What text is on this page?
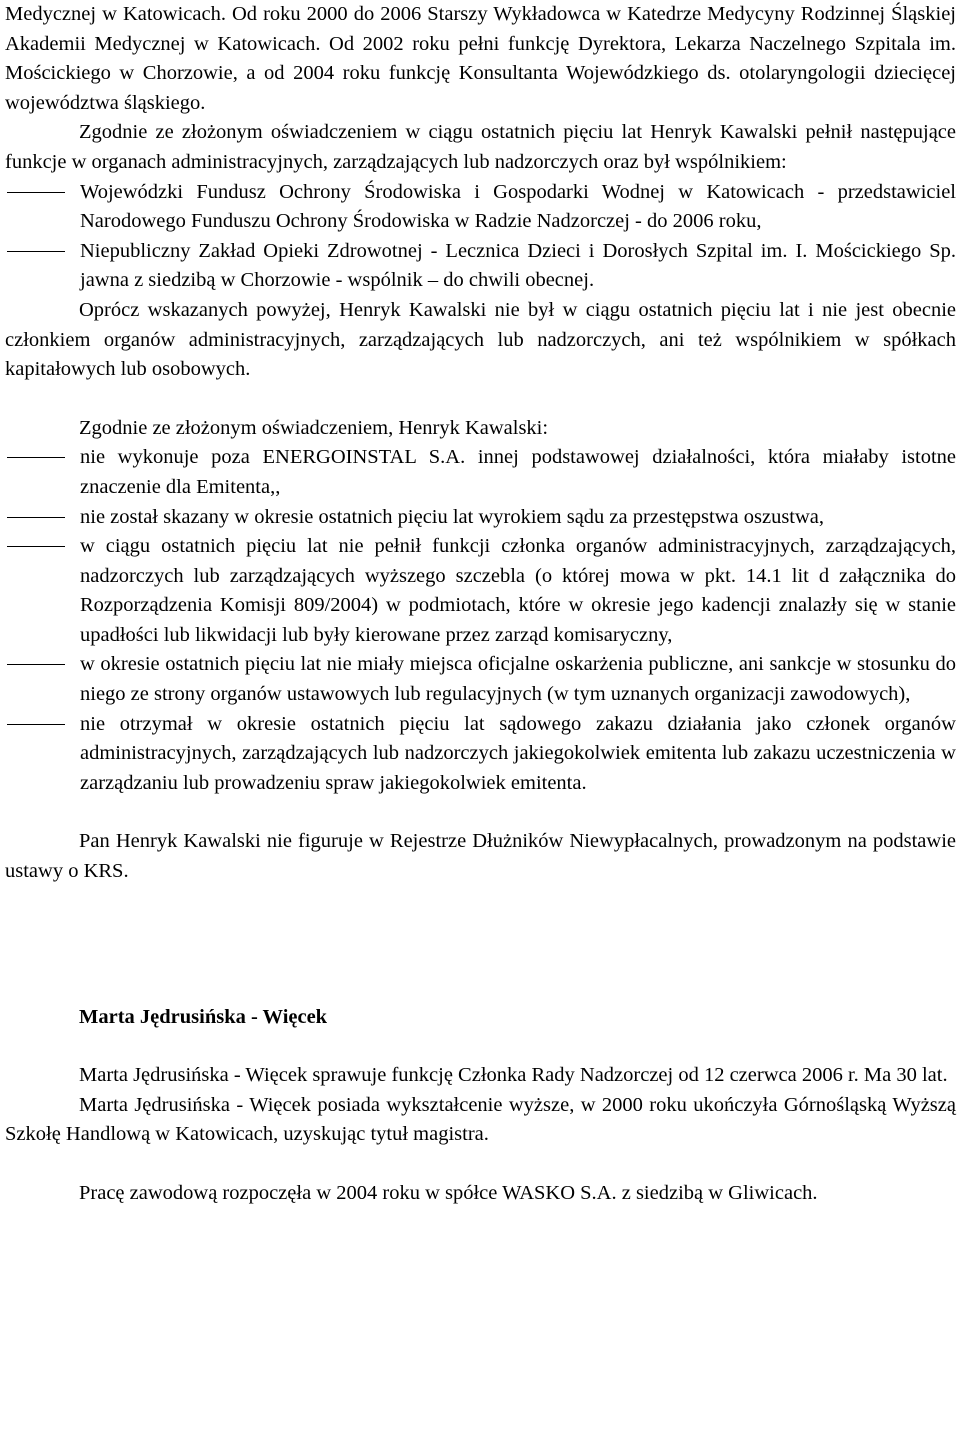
Medycznej w Katowicach. Od roku 2000 do 2006 Starszy Wykładowca w Katedrze Medycyny Rodzinnej Śląskiej Akademii Medycznej w Katowicach. Od 2002 roku pełni funkcję Dyrektora, Lekarza Naczelnego Szpitala im. Mościckiego w Chorzowie, a od 2004 roku funkcję Konsultanta Wojewódzkiego ds. otolaryngologii dziecięcej województwa śląskiego.

Zgodnie ze złożonym oświadczeniem w ciągu ostatnich pięciu lat Henryk Kawalski pełnił następujące funkcje w organach administracyjnych, zarządzających lub nadzorczych oraz był wspólnikiem:

Wojewódzki Fundusz Ochrony Środowiska i Gospodarki Wodnej w Katowicach - przedstawiciel Narodowego Funduszu Ochrony Środowiska w Radzie Nadzorczej - do 2006 roku,
Niepubliczny Zakład Opieki Zdrowotnej - Lecznica Dzieci i Dorosłych Szpital im. I. Mościckiego Sp. jawna z siedzibą w Chorzowie - wspólnik – do chwili obecnej.

Oprócz wskazanych powyżej, Henryk Kawalski nie był w ciągu ostatnich pięciu lat i nie jest obecnie członkiem organów administracyjnych, zarządzających lub nadzorczych, ani też wspólnikiem w spółkach kapitałowych lub osobowych.

Zgodnie ze złożonym oświadczeniem, Henryk Kawalski:

nie wykonuje poza ENERGOINSTAL S.A. innej podstawowej działalności, która miałaby istotne znaczenie dla Emitenta,,
nie został skazany w okresie ostatnich pięciu lat wyrokiem sądu za przestępstwa oszustwa,
w ciągu ostatnich pięciu lat nie pełnił funkcji członka organów administracyjnych, zarządzających, nadzorczych lub zarządzających wyższego szczebla (o której mowa w pkt. 14.1 lit d załącznika do Rozporządzenia Komisji 809/2004) w podmiotach, które w okresie jego kadencji znalazły się w stanie upadłości lub likwidacji lub były kierowane przez zarząd komisaryczny,
w okresie ostatnich pięciu lat nie miały miejsca oficjalne oskarżenia publiczne, ani sankcje w stosunku do niego ze strony organów ustawowych lub regulacyjnych (w tym uznanych organizacji zawodowych),
nie otrzymał w okresie ostatnich pięciu lat sądowego zakazu działania jako członek organów administracyjnych, zarządzających lub nadzorczych jakiegokolwiek emitenta lub zakazu uczestniczenia w zarządzaniu lub prowadzeniu spraw jakiegokolwiek emitenta.

Pan Henryk Kawalski nie figuruje w Rejestrze Dłużników Niewypłacalnych, prowadzonym na podstawie ustawy o KRS.

Marta Jędrusińska - Więcek

Marta Jędrusińska - Więcek sprawuje funkcję Członka Rady Nadzorczej od 12 czerwca 2006 r. Ma 30 lat.

Marta Jędrusińska - Więcek posiada wykształcenie wyższe, w 2000 roku ukończyła Górnośląską Wyższą Szkołę Handlową w Katowicach, uzyskując tytuł magistra.

Pracę zawodową rozpoczęła w 2004 roku w spółce WASKO S.A. z siedzibą w Gliwicach.
